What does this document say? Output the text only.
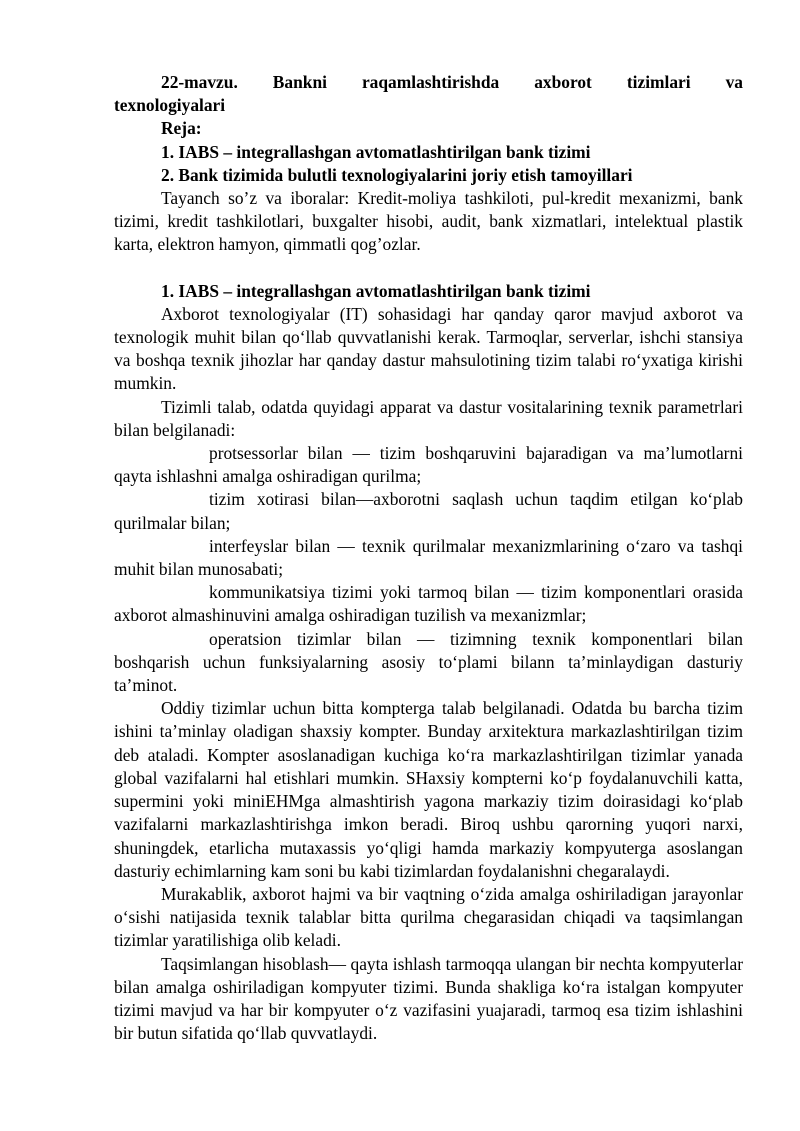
22-mavzu. Bankni raqamlashtirishda axborot tizimlari va

texnologiyalari

Reja:

1. IABS – integrallashgan avtomatlashtirilgan bank tizimi

2. Bank tizimida bulutli texnologiyalarini joriy etish tamoyillari

Tayanch so’z va iboralar: Kredit-moliya tashkiloti, pul-kredit mexanizmi, bank tizimi, kredit tashkilotlari, buxgalter hisobi, audit, bank xizmatlari, intelektual plastik karta, elektron hamyon, qimmatli qog’ozlar.

1. IABS – integrallashgan avtomatlashtirilgan bank tizimi

Axborot texnologiyalar (IT) sohasidagi har qanday qaror mavjud axborot va texnologik muhit bilan qo‘llab quvvatlanishi kerak. Tarmoqlar, serverlar, ishchi stansiya va boshqa texnik jihozlar har qanday dastur mahsulotining tizim talabi ro‘yxatiga kirishi mumkin.

Tizimli talab, odatda quyidagi apparat va dastur vositalarining texnik parametrlari bilan belgilanadi:

protsessorlar bilan — tizim boshqaruvini bajaradigan va ma’lumotlarni qayta ishlashni amalga oshiradigan qurilma;

tizim xotirasi bilan—axborotni saqlash uchun taqdim etilgan ko‘plab qurilmalar bilan;

interfeyslar bilan — texnik qurilmalar mexanizmlarining o‘zaro va tashqi muhit bilan munosabati;

kommunikatsiya tizimi yoki tarmoq bilan — tizim komponentlari orasida axborot almashinuvini amalga oshiradigan tuzilish va mexanizmlar;

operatsion tizimlar bilan — tizimning texnik komponentlari bilan boshqarish uchun funksiyalarning asosiy to‘plami bilann ta’minlaydigan dasturiy ta’minot.

Oddiy tizimlar uchun bitta kompterga talab belgilanadi. Odatda bu barcha tizim ishini ta’minlay oladigan shaxsiy kompter. Bunday arxitektura markazlashtirilgan tizim deb ataladi. Kompter asoslanadigan kuchiga ko‘ra markazlashtirilgan tizimlar yanada global vazifalarni hal etishlari mumkin. SHaxsiy kompterni ko‘p foydalanuvchili katta, supermini yoki miniEHMga almashtirish yagona markaziy tizim doirasidagi ko‘plab vazifalarni markazlashtirishga imkon beradi. Biroq ushbu qarorning yuqori narxi, shuningdek, etarlicha mutaxassis yo‘qligi hamda markaziy kompyuterga asoslangan dasturiy echimlarning kam soni bu kabi tizimlardan foydalanishni chegaralaydi.

Murakablik, axborot hajmi va bir vaqtning o‘zida amalga oshiriladigan jarayonlar o‘sishi natijasida texnik talablar bitta qurilma chegarasidan chiqadi va taqsimlangan tizimlar yaratilishiga olib keladi.

Taqsimlangan hisoblash— qayta ishlash tarmoqqa ulangan bir nechta kompyuterlar bilan amalga oshiriladigan kompyuter tizimi. Bunda shakliga ko‘ra istalgan kompyuter tizimi mavjud va har bir kompyuter o‘z vazifasini yuajaradi, tarmoq esa tizim ishlashini bir butun sifatida qo‘llab quvvatlaydi.
